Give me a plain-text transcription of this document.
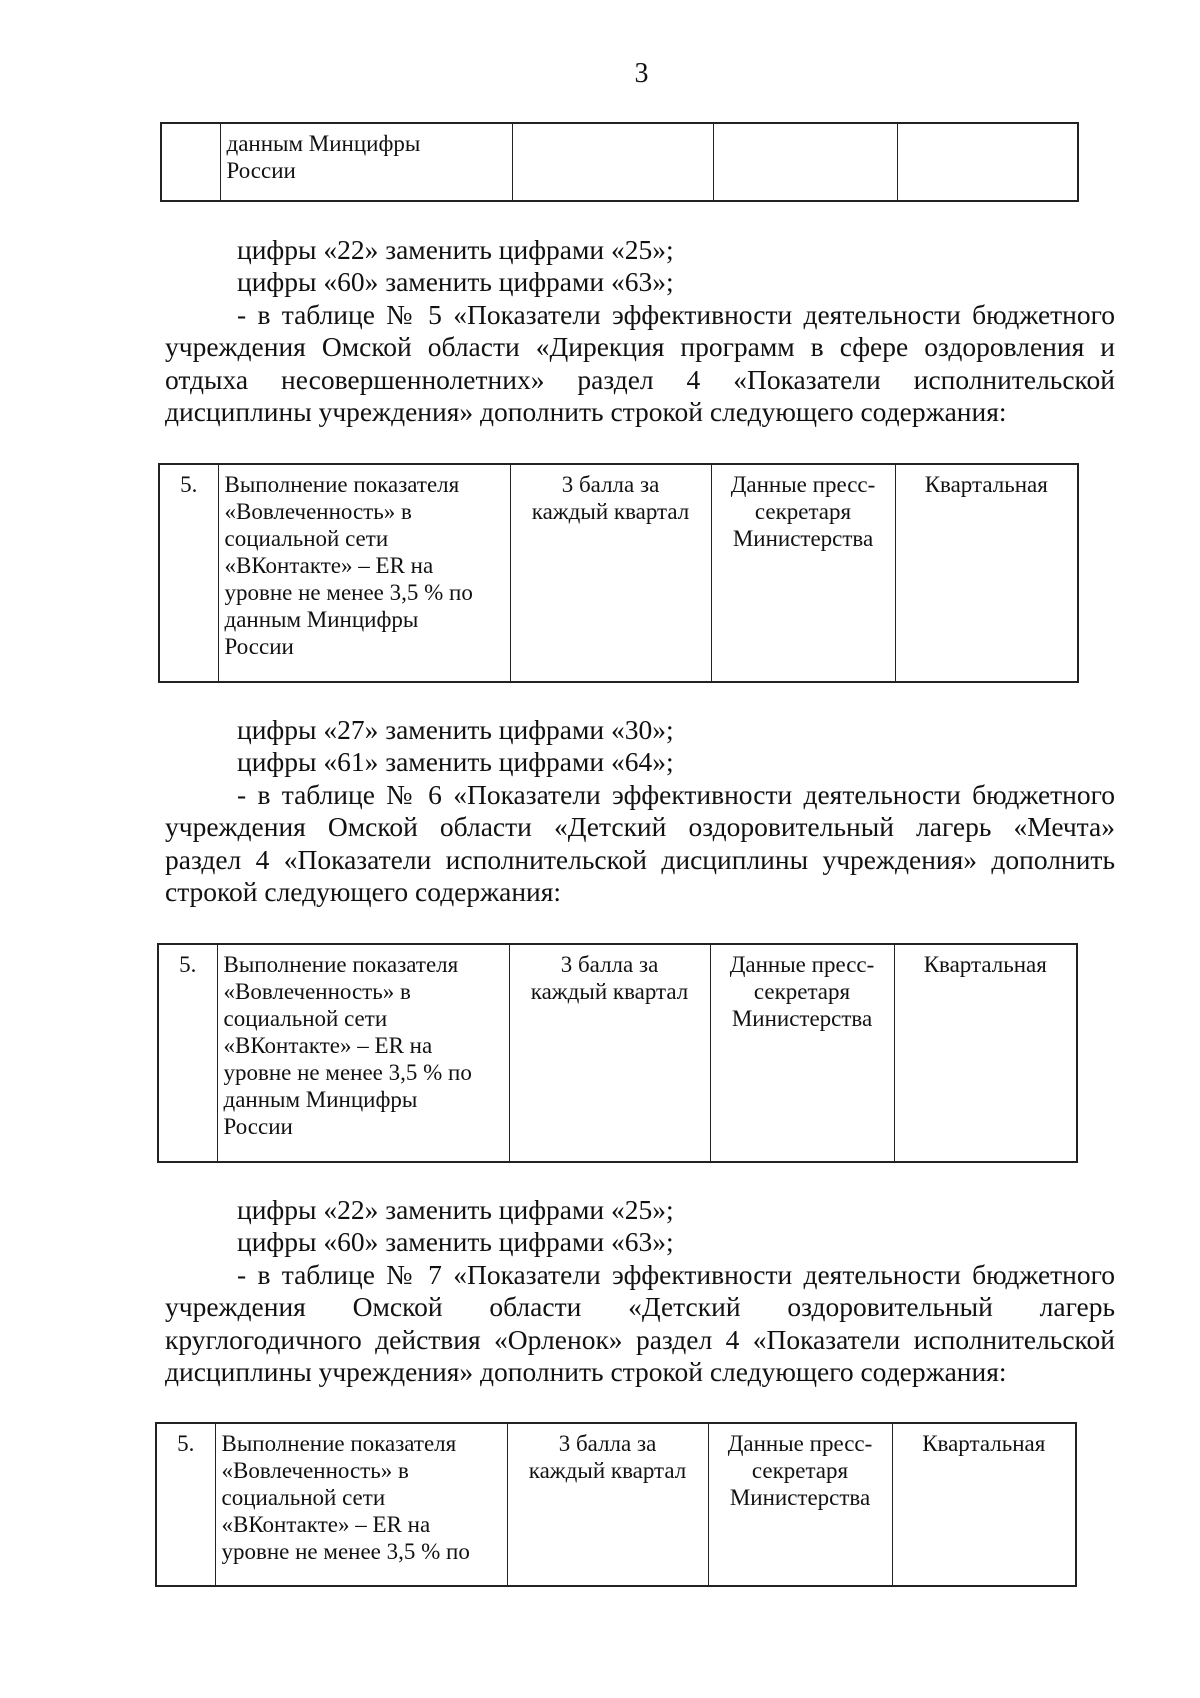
3
	данным Минцифры
России			
цифры «22» заменить цифрами «25»;
цифры «60» заменить цифрами «63»;
- в таблице № 5 «Показатели эффективности деятельности бюджетного
учреждения Омской области «Дирекция программ в сфере оздоровления и
отдыха несовершеннолетних» раздел 4 «Показатели исполнительской
дисциплины учреждения» дополнить строкой следующего содержания:
5.	Выполнение показателя
«Вовлеченность» в
социальной сети
«ВКонтакте» – ER на
уровне не менее 3,5 % по
данным Минцифры
России	3 балла за
каждый квартал	Данные пресс-
секретаря
Министерства	Квартальная
цифры «27» заменить цифрами «30»;
цифры «61» заменить цифрами «64»;
- в таблице № 6 «Показатели эффективности деятельности бюджетного
учреждения Омской области «Детский оздоровительный лагерь «Мечта»
раздел 4 «Показатели исполнительской дисциплины учреждения» дополнить
строкой следующего содержания:
5.	Выполнение показателя
«Вовлеченность» в
социальной сети
«ВКонтакте» – ER на
уровне не менее 3,5 % по
данным Минцифры
России	3 балла за
каждый квартал	Данные пресс-
секретаря
Министерства	Квартальная
цифры «22» заменить цифрами «25»;
цифры «60» заменить цифрами «63»;
- в таблице № 7 «Показатели эффективности деятельности бюджетного
учреждения Омской области «Детский оздоровительный лагерь
круглогодичного действия «Орленок» раздел 4 «Показатели исполнительской
дисциплины учреждения» дополнить строкой следующего содержания:
5.	Выполнение показателя
«Вовлеченность» в
социальной сети
«ВКонтакте» – ER на
уровне не менее 3,5 % по	3 балла за
каждый квартал	Данные пресс-
секретаря
Министерства	Квартальная
